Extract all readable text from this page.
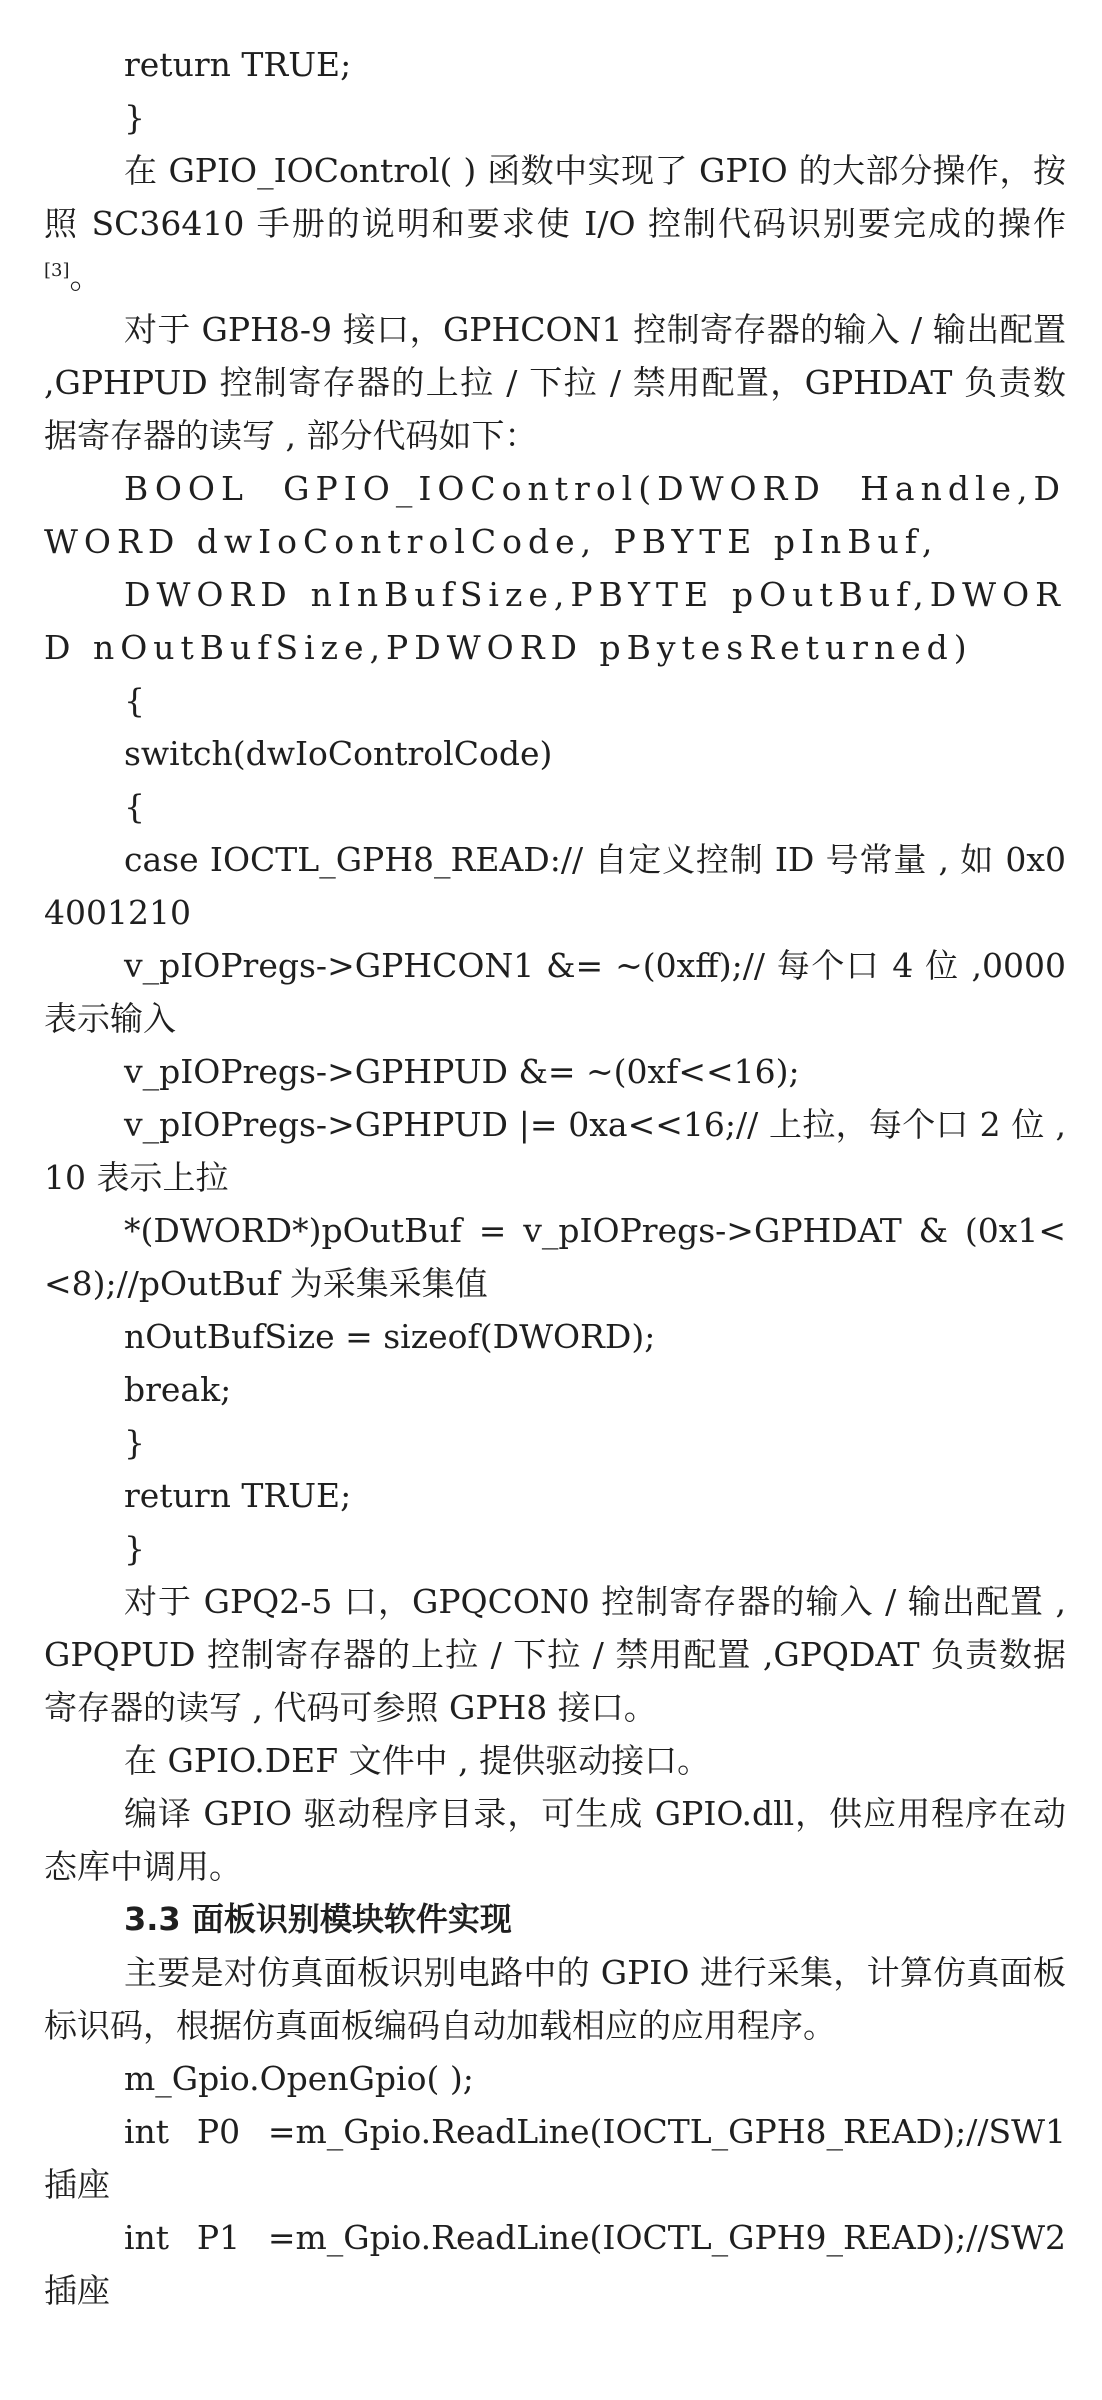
return TRUE;
}
在 GPIO_IOControl( ) 函数中实现了 GPIO 的大部分操作，按照 SC36410 手册的说明和要求使 I/O 控制代码识别要完成的操作[3]。
对于 GPH8-9 接口，GPHCON1 控制寄存器的输入 / 输出配置 ,GPHPUD 控制寄存器的上拉 / 下拉 / 禁用配置，GPHDAT 负责数据寄存器的读写 , 部分代码如下：
BOOL GPIO_IOControl(DWORD Handle,DWORD dwIoControlCode, PBYTE pInBuf,
DWORD nInBufSize,PBYTE pOutBuf,DWORD nOutBufSize,PDWORD pBytesReturned)
{
switch(dwIoControlCode)
{
case IOCTL_GPH8_READ:// 自定义控制 ID 号常量 , 如 0x04001210
v_pIOPregs->GPHCON1 &= ~(0xff);// 每个口 4 位 ,0000 表示输入
v_pIOPregs->GPHPUD &= ~(0xf<<16);
v_pIOPregs->GPHPUD |= 0xa<<16;// 上拉，每个口 2 位 ,10 表示上拉
*(DWORD*)pOutBuf = v_pIOPregs->GPHDAT & (0x1<<8);//pOutBuf 为采集采集值
nOutBufSize = sizeof(DWORD);
break;
}
return TRUE;
}
对于 GPQ2-5 口，GPQCON0 控制寄存器的输入 / 输出配置 ,GPQPUD 控制寄存器的上拉 / 下拉 / 禁用配置 ,GPQDAT 负责数据寄存器的读写 , 代码可参照 GPH8 接口。
在 GPIO.DEF 文件中 , 提供驱动接口。
编译 GPIO 驱动程序目录，可生成 GPIO.dll，供应用程序在动态库中调用。
3.3 面板识别模块软件实现
主要是对仿真面板识别电路中的 GPIO 进行采集，计算仿真面板标识码，根据仿真面板编码自动加载相应的应用程序。
m_Gpio.OpenGpio( );
int P0 =m_Gpio.ReadLine(IOCTL_GPH8_READ);//SW1  插座
int P1 =m_Gpio.ReadLine(IOCTL_GPH9_READ);//SW2  插座
